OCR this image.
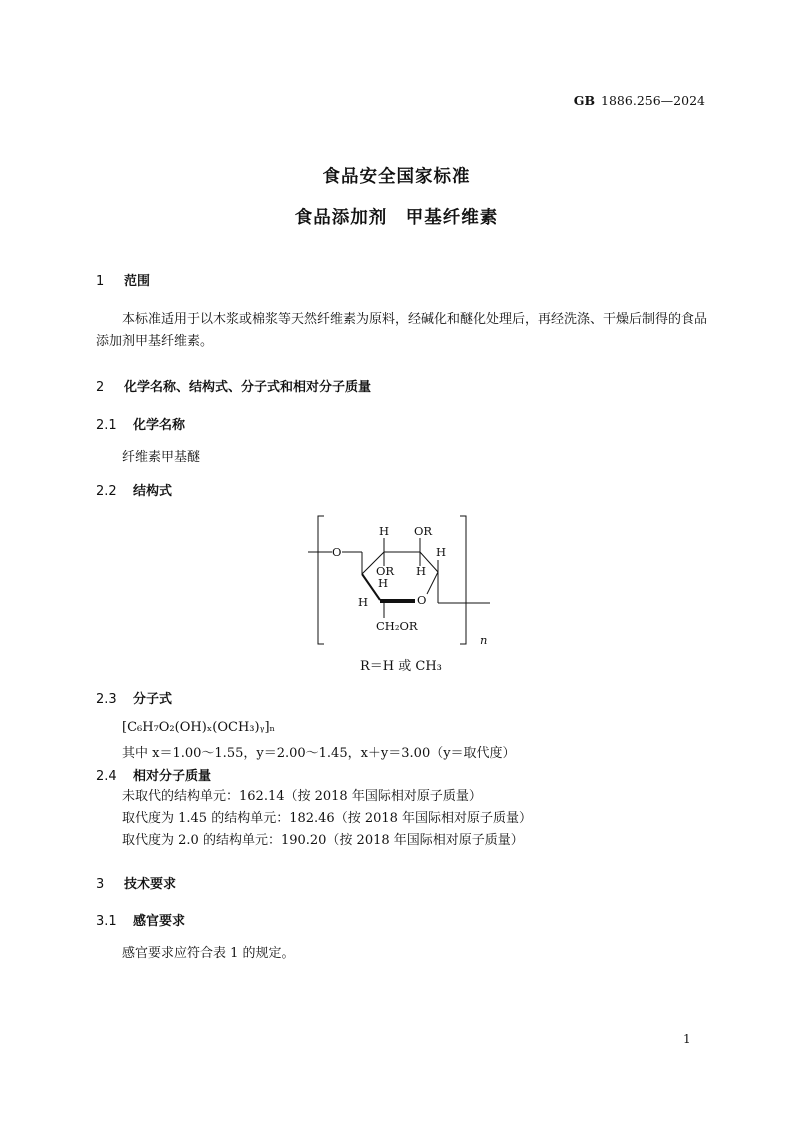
GB 1886.256—2024
食品安全国家标准
食品添加剂　甲基纤维素
1 范围
本标准适用于以木浆或棉浆等天然纤维素为原料，经碱化和醚化处理后，再经洗涤、干燥后制得的食品添加剂甲基纤维素。
2 化学名称、结构式、分子式和相对分子质量
2.1 化学名称
纤维素甲基醚
2.2 结构式
O
O
H
OR
OR
H
H
H
H
CH₂OR
n
R＝H 或 CH₃
2.3 分子式
[C₆H₇O₂(OH)ₓ(OCH₃)ᵧ]ₙ
其中 x＝1.00～1.55，y＝2.00～1.45，x＋y＝3.00（y＝取代度）
2.4 相对分子质量
未取代的结构单元：162.14（按 2018 年国际相对原子质量）
取代度为 1.45 的结构单元：182.46（按 2018 年国际相对原子质量）
取代度为 2.0 的结构单元：190.20（按 2018 年国际相对原子质量）
3 技术要求
3.1 感官要求
感官要求应符合表 1 的规定。
1
